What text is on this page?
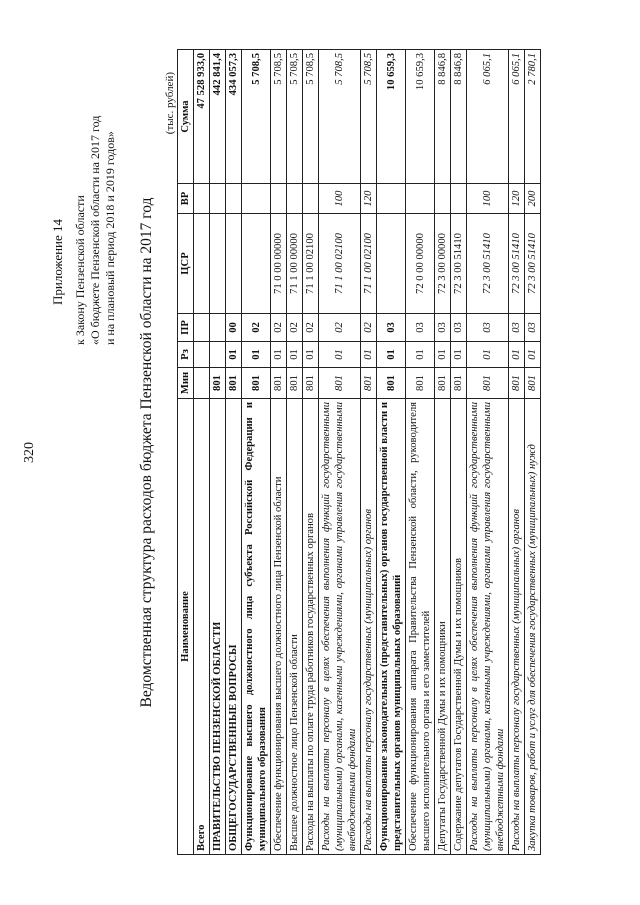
320
Приложение 14 к Закону Пензенской области «О бюджете Пензенской области на 2017 год и на плановый период 2018 и 2019 годов» Ведомственная структура расходов бюджета Пензенской области на 2017 год
(тыс. рублей)
Наименование	Мин	Рз	ПР	ЦСР	ВР	Сумма
Всего						47 528 933,0
ПРАВИТЕЛЬСТВО ПЕНЗЕНСКОЙ ОБЛАСТИ	801					442 841,4
ОБЩЕГОСУДАРСТВЕННЫЕ ВОПРОСЫ	801	01	00			434 057,3
Функционирование высшего должностного лица субъекта Российской Федерации и муниципального образования	801	01	02			5 708,5
Обеспечение функционирования высшего должностного лица Пензенской области	801	01	02	71 0 00 00000		5 708,5
Высшее должностное лицо Пензенской области	801	01	02	71 1 00 00000		5 708,5
Расходы на выплаты по оплате труда работников государственных органов	801	01	02	71 1 00 02100		5 708,5
Расходы на выплаты персоналу в целях обеспечения выполнения функций государственными (муниципальными) органами, казенными учреждениями, органами управления государственными внебюджетными фондами	801	01	02	71 1 00 02100	100	5 708,5
Расходы на выплаты персоналу государственных (муниципальных) органов	801	01	02	71 1 00 02100	120	5 708,5
Функционирование законодательных (представительных) органов государственной власти и представительных органов муниципальных образований	801	01	03			10 659,3
Обеспечение функционирования аппарата Правительства Пензенской области, руководителя высшего исполнительного органа и его заместителей	801	01	03	72 0 00 00000		10 659,3
Депутаты Государственной Думы и их помощники	801	01	03	72 3 00 00000		8 846,8
Содержание депутатов Государственной Думы и их помощников	801	01	03	72 3 00 51410		8 846,8
Расходы на выплаты персоналу в целях обеспечения выполнения функций государственными (муниципальными) органами, казенными учреждениями, органами управления государственными внебюджетными фондами	801	01	03	72 3 00 51410	100	6 065,1
Расходы на выплаты персоналу государственных (муниципальных) органов	801	01	03	72 3 00 51410	120	6 065,1
Закупка товаров, работ и услуг для обеспечения государственных (муниципальных) нужд	801	01	03	72 3 00 51410	200	2 780,1
